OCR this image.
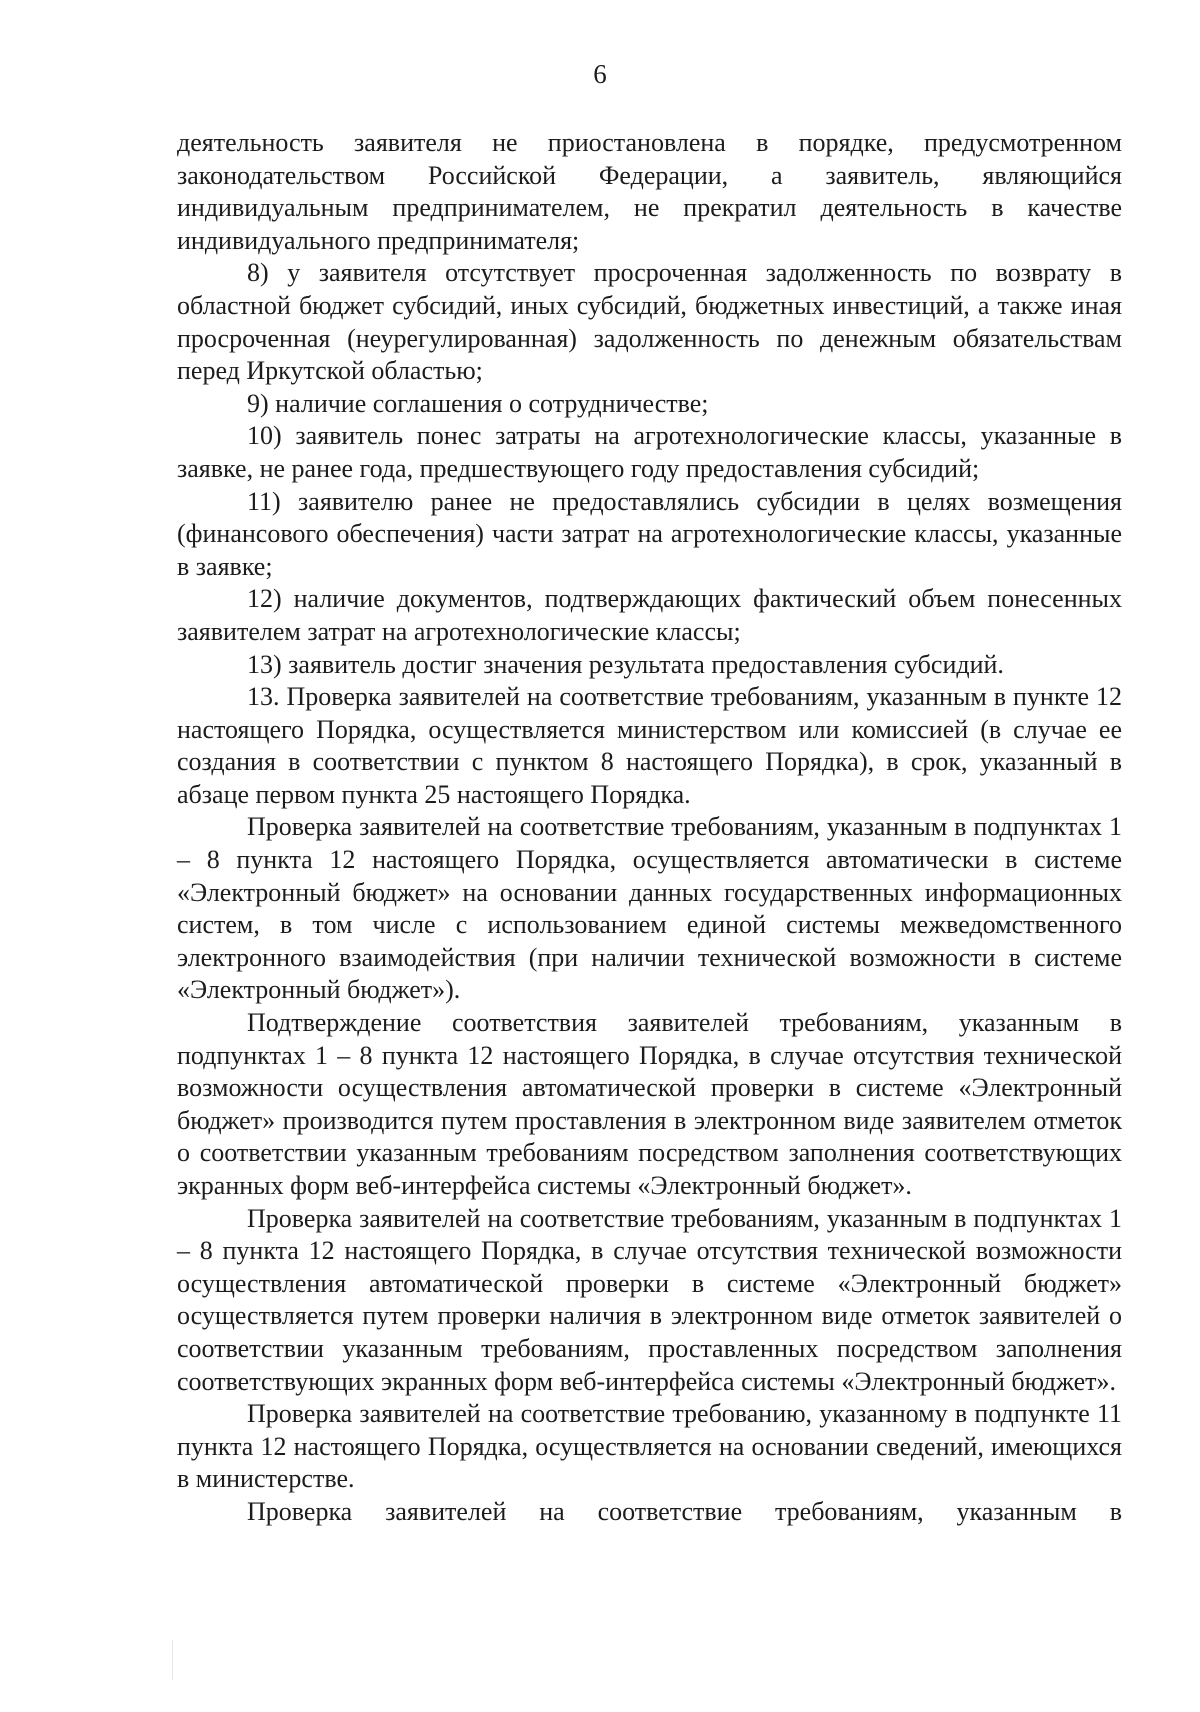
6

деятельность заявителя не приостановлена в порядке, предусмотренном законодательством Российской Федерации, а заявитель, являющийся индивидуальным предпринимателем, не прекратил деятельность в качестве индивидуального предпринимателя;

8) у заявителя отсутствует просроченная задолженность по возврату в областной бюджет субсидий, иных субсидий, бюджетных инвестиций, а также иная просроченная (неурегулированная) задолженность по денежным обязательствам перед Иркутской областью;

9) наличие соглашения о сотрудничестве;

10) заявитель понес затраты на агротехнологические классы, указанные в заявке, не ранее года, предшествующего году предоставления субсидий;

11) заявителю ранее не предоставлялись субсидии в целях возмещения (финансового обеспечения) части затрат на агротехнологические классы, указанные в заявке;

12) наличие документов, подтверждающих фактический объем понесенных заявителем затрат на агротехнологические классы;

13) заявитель достиг значения результата предоставления субсидий.

13. Проверка заявителей на соответствие требованиям, указанным в пункте 12 настоящего Порядка, осуществляется министерством или комиссией (в случае ее создания в соответствии с пунктом 8 настоящего Порядка), в срок, указанный в абзаце первом пункта 25 настоящего Порядка.

Проверка заявителей на соответствие требованиям, указанным в подпунктах 1 – 8 пункта 12 настоящего Порядка, осуществляется автоматически в системе «Электронный бюджет» на основании данных государственных информационных систем, в том числе с использованием единой системы межведомственного электронного взаимодействия (при наличии технической возможности в системе «Электронный бюджет»).

Подтверждение соответствия заявителей требованиям, указанным в подпунктах 1 – 8 пункта 12 настоящего Порядка, в случае отсутствия технической возможности осуществления автоматической проверки в системе «Электронный бюджет» производится путем проставления в электронном виде заявителем отметок о соответствии указанным требованиям посредством заполнения соответствующих экранных форм веб-интерфейса системы «Электронный бюджет».

Проверка заявителей на соответствие требованиям, указанным в подпунктах 1 – 8 пункта 12 настоящего Порядка, в случае отсутствия технической возможности осуществления автоматической проверки в системе «Электронный бюджет» осуществляется путем проверки наличия в электронном виде отметок заявителей о соответствии указанным требованиям, проставленных посредством заполнения соответствующих экранных форм веб-интерфейса системы «Электронный бюджет».

Проверка заявителей на соответствие требованию, указанному в подпункте 11 пункта 12 настоящего Порядка, осуществляется на основании сведений, имеющихся в министерстве.

Проверка заявителей на соответствие требованиям, указанным в
